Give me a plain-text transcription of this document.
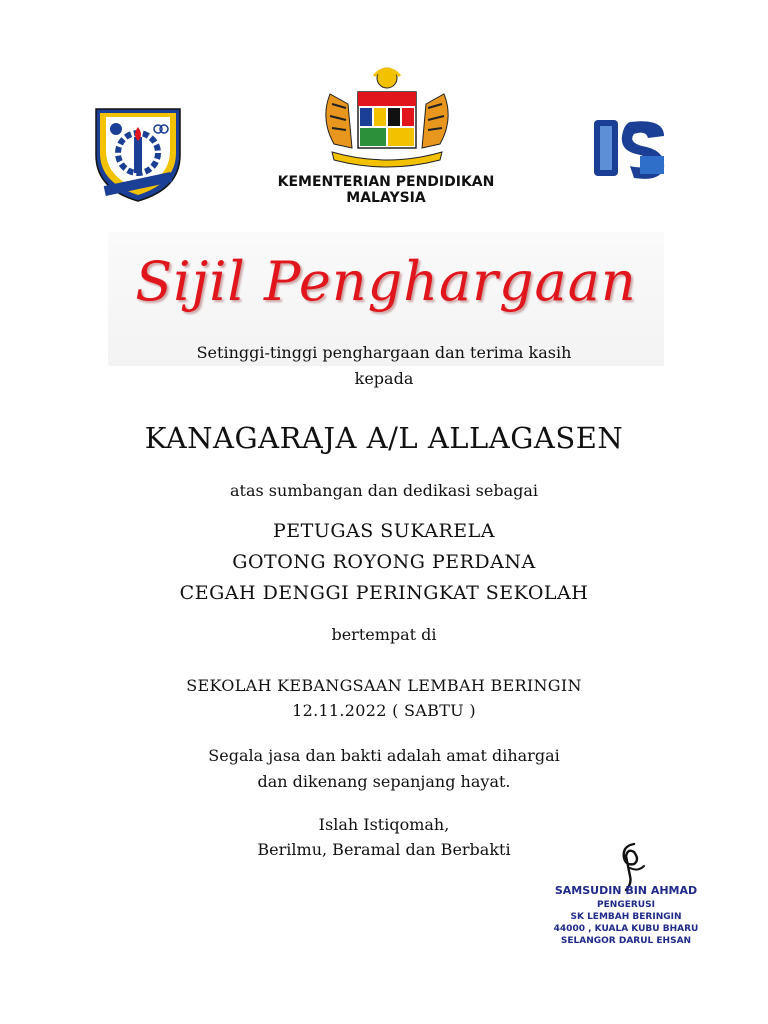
KEMENTERIAN PENDIDIKAN MALAYSIA
Sijil Penghargaan
Setinggi-tinggi penghargaan dan terima kasih
kepada
KANAGARAJA A/L ALLAGASEN
atas sumbangan dan dedikasi sebagai
PETUGAS SUKARELA
GOTONG ROYONG PERDANA
CEGAH DENGGI PERINGKAT SEKOLAH
bertempat di
SEKOLAH KEBANGSAAN LEMBAH BERINGIN
12.11.2022 ( SABTU )
Segala jasa dan bakti adalah amat dihargai
dan dikenang sepanjang hayat.
Islah Istiqomah,
Berilmu, Beramal dan Berbakti
SAMSUDIN BIN AHMAD
PENGERUSI
SK LEMBAH BERINGIN
44000 , KUALA KUBU BHARU
SELANGOR DARUL EHSAN
